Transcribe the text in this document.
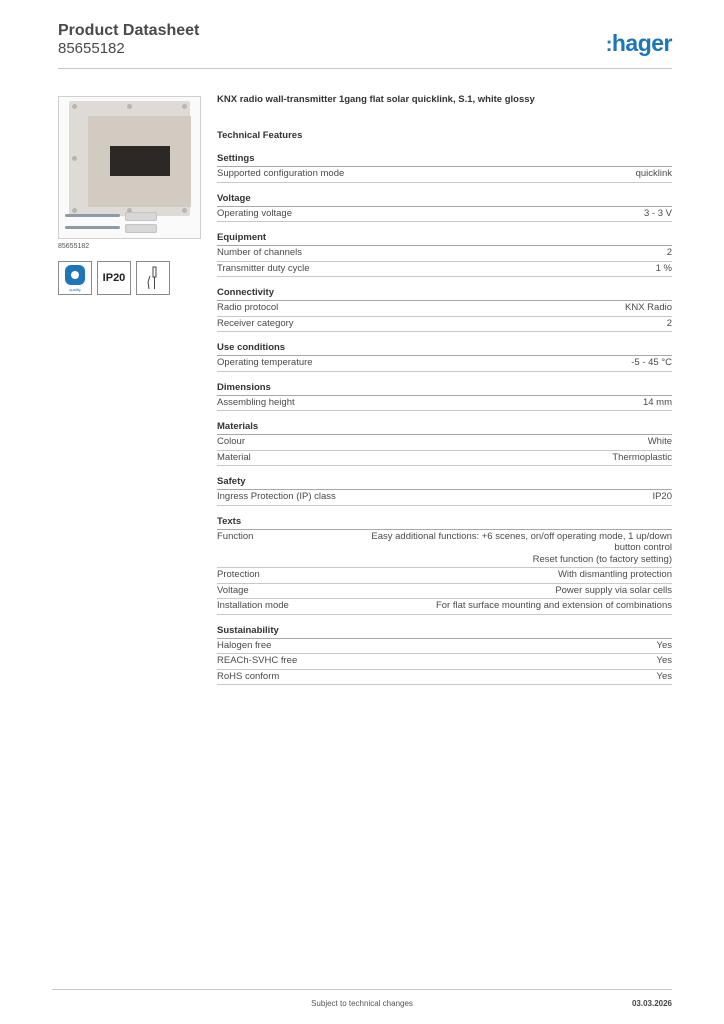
Product Datasheet
85655182	:hager
85655182
quality
IP20
KNX radio wall-transmitter 1gang flat solar quicklink, S.1, white glossy
Technical Features
Settings
Supported configuration mode	quicklink
Voltage
Operating voltage	3 - 3 V
Equipment
Number of channels	2
Transmitter duty cycle	1 %
Connectivity
Radio protocol	KNX Radio
Receiver category	2
Use conditions
Operating temperature	-5 - 45 °C
Dimensions
Assembling height	14 mm
Materials
Colour	White
Material	Thermoplastic
Safety
Ingress Protection (IP) class	IP20
Texts
Function	Easy additional functions: +6 scenes, on/off operating mode, 1 up/down
button control
Reset function (to factory setting)
Protection	With dismantling protection
Voltage	Power supply via solar cells
Installation mode	For flat surface mounting and extension of combinations
Sustainability
Halogen free	Yes
REACh-SVHC free	Yes
RoHS conform	Yes
Subject to technical changes	03.03.2026
